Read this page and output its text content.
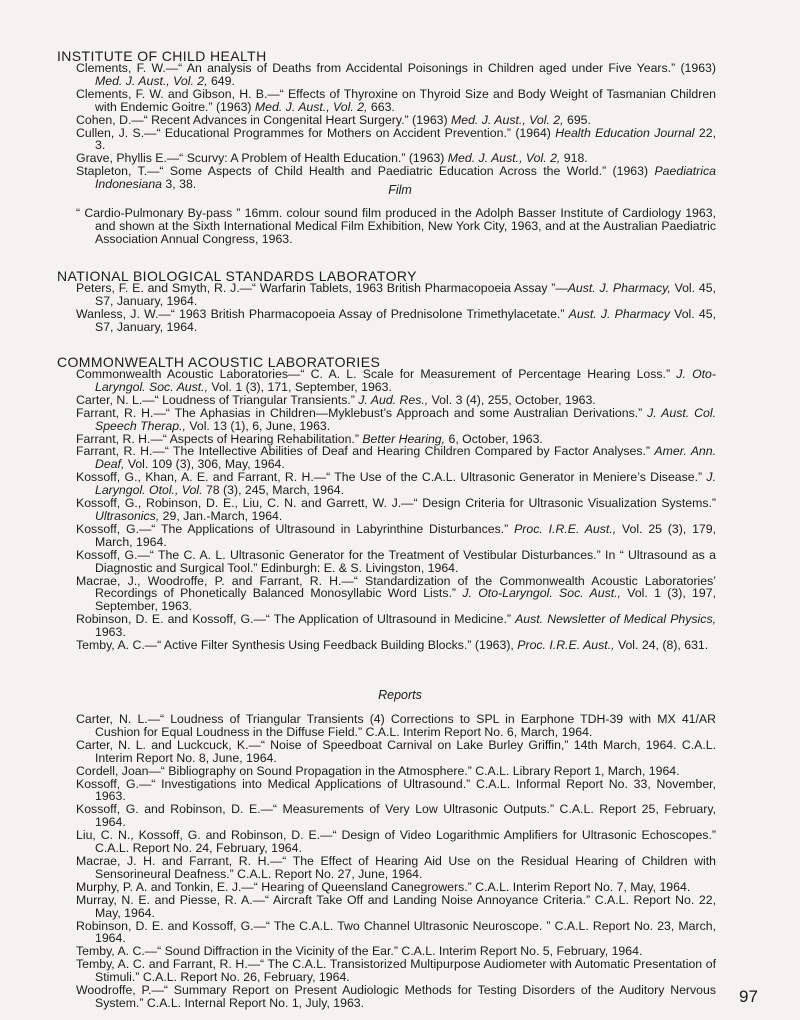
INSTITUTE OF CHILD HEALTH

Clements, F. W.—“ An analysis of Deaths from Accidental Poisonings in Children aged under Five Years.” (1963) Med. J. Aust., Vol. 2, 649.

Clements, F. W. and Gibson, H. B.—“ Effects of Thyroxine on Thyroid Size and Body Weight of Tasmanian Children with Endemic Goitre.” (1963) Med. J. Aust., Vol. 2, 663.

Cohen, D.—“ Recent Advances in Congenital Heart Surgery.” (1963) Med. J. Aust., Vol. 2, 695.

Cullen, J. S.—“ Educational Programmes for Mothers on Accident Prevention.” (1964) Health Education Journal 22, 3.

Grave, Phyllis E.—“ Scurvy: A Problem of Health Education.” (1963) Med. J. Aust., Vol. 2, 918.

Stapleton, T.—“ Some Aspects of Child Health and Paediatric Education Across the World.” (1963) Paediatrica Indonesiana 3, 38.	Film

“ Cardio-Pulmonary By-pass ” 16mm. colour sound film produced in the Adolph Basser Institute of Cardiology 1963, and shown at the Sixth International Medical Film Exhibition, New York City, 1963, and at the Australian Paediatric Association Annual Congress, 1963.

NATIONAL BIOLOGICAL STANDARDS LABORATORY

Peters, F. E. and Smyth, R. J.—“ Warfarin Tablets, 1963 British Pharmacopoeia Assay ”—Aust. J. Pharmacy, Vol. 45, S7, January, 1964.

Wanless, J. W.—“ 1963 British Pharmacopoeia Assay of Prednisolone Trimethylacetate.” Aust. J. Pharmacy Vol. 45, S7, January, 1964.

COMMONWEALTH ACOUSTIC LABORATORIES

Commonwealth Acoustic Laboratories—“ C. A. L. Scale for Measurement of Percentage Hearing Loss.” J. Oto-Laryngol. Soc. Aust., Vol. 1 (3), 171, September, 1963.

Carter, N. L.—“ Loudness of Triangular Transients.” J. Aud. Res., Vol. 3 (4), 255, October, 1963.

Farrant, R. H.—“ The Aphasias in Children—Myklebust’s Approach and some Australian Derivations.” J. Aust. Col. Speech Therap., Vol. 13 (1), 6, June, 1963.

Farrant, R. H.—“ Aspects of Hearing Rehabilitation.” Better Hearing, 6, October, 1963.

Farrant, R. H.—“ The Intellective Abilities of Deaf and Hearing Children Compared by Factor Analyses.” Amer. Ann. Deaf, Vol. 109 (3), 306, May, 1964.

Kossoff, G., Khan, A. E. and Farrant, R. H.—“ The Use of the C.A.L. Ultrasonic Generator in Meniere’s Disease.” J. Laryngol. Otol., Vol. 78 (3), 245, March, 1964.

Kossoff, G., Robinson, D. E., Liu, C. N. and Garrett, W. J.—“ Design Criteria for Ultrasonic Visualization Systems.” Ultrasonics, 29, Jan.-March, 1964.

Kossoff, G.—“ The Applications of Ultrasound in Labyrinthine Disturbances.” Proc. I.R.E. Aust., Vol. 25 (3), 179, March, 1964.

Kossoff, G.—“ The C. A. L. Ultrasonic Generator for the Treatment of Vestibular Disturbances.” In “ Ultrasound as a Diagnostic and Surgical Tool.” Edinburgh: E. & S. Livingston, 1964.

Macrae, J., Woodroffe, P. and Farrant, R. H.—“ Standardization of the Commonwealth Acoustic Laboratories’ Recordings of Phonetically Balanced Monosyllabic Word Lists.” J. Oto-Laryngol. Soc. Aust., Vol. 1 (3), 197, September, 1963.

Robinson, D. E. and Kossoff, G.—“ The Application of Ultrasound in Medicine.” Aust. Newsletter of Medical Physics, 1963.

Temby, A. C.—“ Active Filter Synthesis Using Feedback Building Blocks.” (1963), Proc. I.R.E. Aust., Vol. 24, (8), 631.

Reports

Carter, N. L.—“ Loudness of Triangular Transients (4) Corrections to SPL in Earphone TDH-39 with MX 41/AR Cushion for Equal Loudness in the Diffuse Field.” C.A.L. Interim Report No. 6, March, 1964.

Carter, N. L. and Luckcuck, K.—“ Noise of Speedboat Carnival on Lake Burley Griffin,” 14th March, 1964. C.A.L. Interim Report No. 8, June, 1964.

Cordell, Joan—“ Bibliography on Sound Propagation in the Atmosphere.” C.A.L. Library Report 1, March, 1964.

Kossoff, G.—“ Investigations into Medical Applications of Ultrasound.” C.A.L. Informal Report No. 33, November, 1963.

Kossoff, G. and Robinson, D. E.—“ Measurements of Very Low Ultrasonic Outputs.” C.A.L. Report 25, February, 1964.

Liu, C. N., Kossoff, G. and Robinson, D. E.—“ Design of Video Logarithmic Amplifiers for Ultrasonic Echoscopes.” C.A.L. Report No. 24, February, 1964.

Macrae, J. H. and Farrant, R. H.—“ The Effect of Hearing Aid Use on the Residual Hearing of Children with Sensorineural Deafness.” C.A.L. Report No. 27, June, 1964.

Murphy, P. A. and Tonkin, E. J.—“ Hearing of Queensland Canegrowers.” C.A.L. Interim Report No. 7, May, 1964.

Murray, N. E. and Piesse, R. A.—“ Aircraft Take Off and Landing Noise Annoyance Criteria.” C.A.L. Report No. 22, May, 1964.

Robinson, D. E. and Kossoff, G.—“ The C.A.L. Two Channel Ultrasonic Neuroscope. ” C.A.L. Report No. 23, March, 1964.

Temby, A. C.—“ Sound Diffraction in the Vicinity of the Ear.” C.A.L. Interim Report No. 5, February, 1964.

Temby, A. C. and Farrant, R. H.—“ The C.A.L. Transistorized Multipurpose Audiometer with Automatic Presentation of Stimuli.” C.A.L. Report No. 26, February, 1964.

Woodroffe, P.—“ Summary Report on Present Audiologic Methods for Testing Disorders of the Auditory Nervous System.” C.A.L. Internal Report No. 1, July, 1963.	97
